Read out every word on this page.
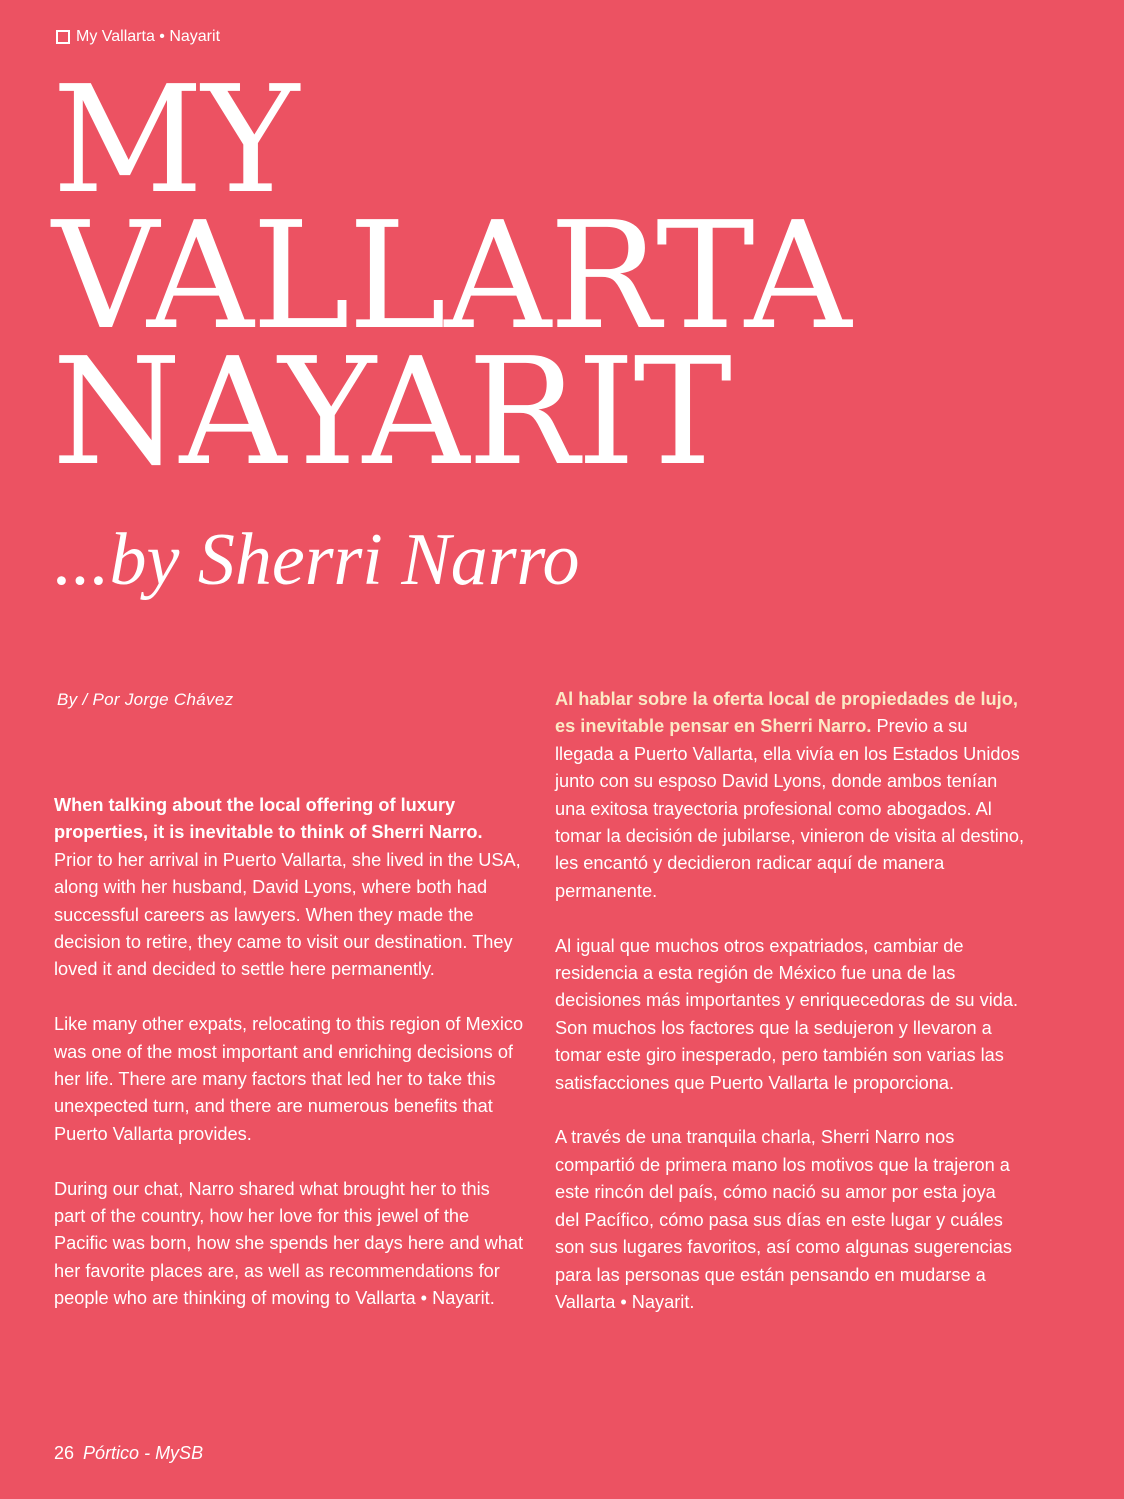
My Vallarta • Nayarit
MY
VALLARTA
NAYARIT
...by Sherri Narro
By / Por Jorge Chávez

When talking about the local offering of luxury properties, it is inevitable to think of Sherri Narro. Prior to her arrival in Puerto Vallarta, she lived in the USA, along with her husband, David Lyons, where both had successful careers as lawyers. When they made the decision to retire, they came to visit our destination. They loved it and decided to settle here permanently.

Like many other expats, relocating to this region of Mexico was one of the most important and enriching decisions of her life. There are many factors that led her to take this unexpected turn, and there are numerous benefits that Puerto Vallarta provides.

During our chat, Narro shared what brought her to this part of the country, how her love for this jewel of the Pacific was born, how she spends her days here and what her favorite places are, as well as recommendations for people who are thinking of moving to Vallarta • Nayarit.

Al hablar sobre la oferta local de propiedades de lujo, es inevitable pensar en Sherri Narro. Previo a su llegada a Puerto Vallarta, ella vivía en los Estados Unidos junto con su esposo David Lyons, donde ambos tenían una exitosa trayectoria profesional como abogados. Al tomar la decisión de jubilarse, vinieron de visita al destino, les encantó y decidieron radicar aquí de manera permanente.

Al igual que muchos otros expatriados, cambiar de residencia a esta región de México fue una de las decisiones más importantes y enriquecedoras de su vida. Son muchos los factores que la sedujeron y llevaron a tomar este giro inesperado, pero también son varias las satisfacciones que Puerto Vallarta le proporciona.

A través de una tranquila charla, Sherri Narro nos compartió de primera mano los motivos que la trajeron a este rincón del país, cómo nació su amor por esta joya del Pacífico, cómo pasa sus días en este lugar y cuáles son sus lugares favoritos, así como algunas sugerencias para las personas que están pensando en mudarse a Vallarta • Nayarit.

26 Pórtico - MySB
